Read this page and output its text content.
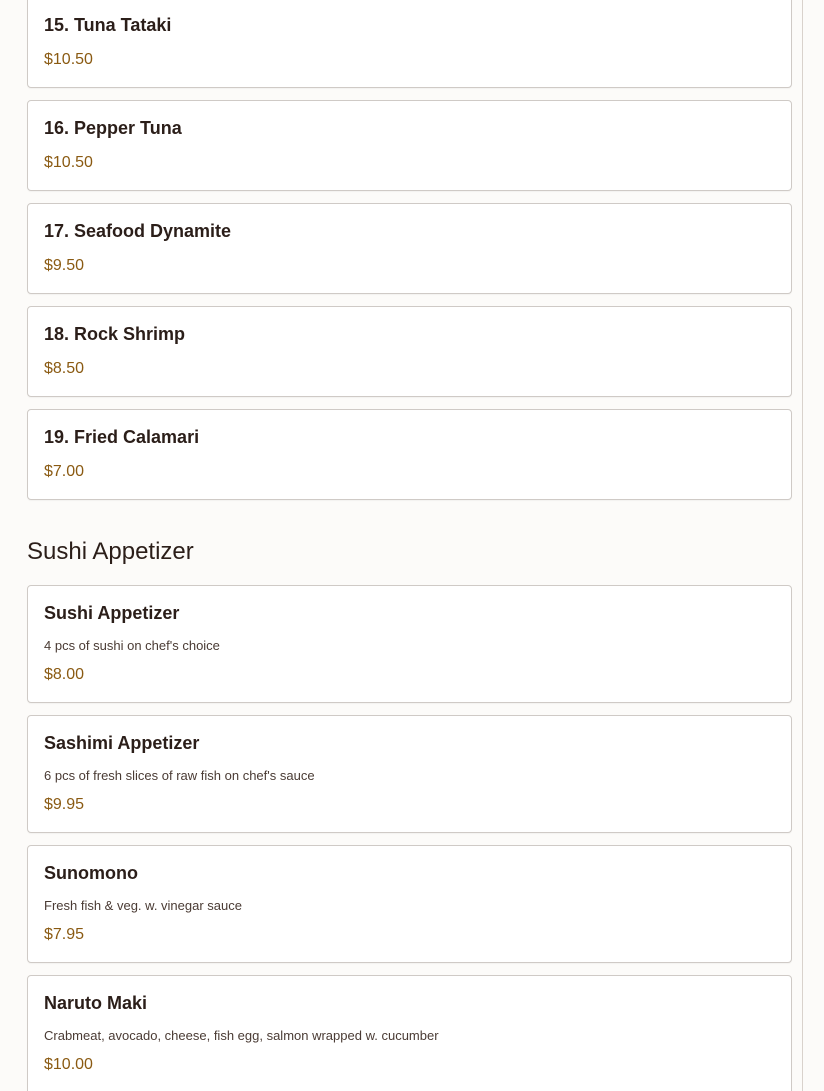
15. Tuna Tataki
$10.50
16. Pepper Tuna
$10.50
17. Seafood Dynamite
$9.50
18. Rock Shrimp
$8.50
19. Fried Calamari
$7.00
Sushi Appetizer
Sushi Appetizer
4 pcs of sushi on chef's choice
$8.00
Sashimi Appetizer
6 pcs of fresh slices of raw fish on chef's sauce
$9.95
Sunomono
Fresh fish & veg. w. vinegar sauce
$7.95
Naruto Maki
Crabmeat, avocado, cheese, fish egg, salmon wrapped w. cucumber
$10.00
